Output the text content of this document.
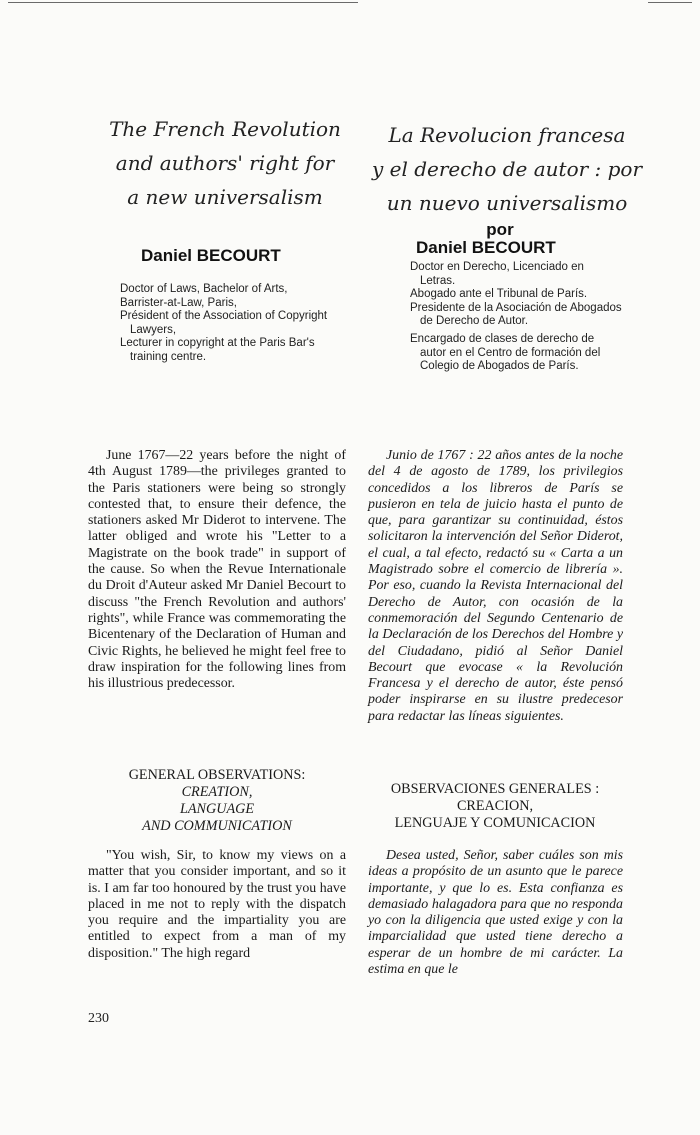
The French Revolution
and authors' right for
a new universalism
Daniel BECOURT
Doctor of Laws, Bachelor of Arts,
Barrister-at-Law, Paris,
Président of the Association of Copyright Lawyers,
Lecturer in copyright at the Paris Bar's training centre.

June 1767—22 years before the night of 4th August 1789—the privileges granted to the Paris stationers were being so strongly contested that, to ensure their defence, the stationers asked Mr Diderot to intervene. The latter obliged and wrote his "Letter to a Magistrate on the book trade" in support of the cause. So when the Revue Internationale du Droit d'Auteur asked Mr Daniel Becourt to discuss "the French Revolution and authors' rights", while France was commemorating the Bicentenary of the Declaration of Human and Civic Rights, he believed he might feel free to draw inspiration for the following lines from his illustrious predecessor.

GENERAL OBSERVATIONS:
CREATION,
LANGUAGE
AND COMMUNICATION

"You wish, Sir, to know my views on a matter that you consider important, and so it is. I am far too honoured by the trust you have placed in me not to reply with the dispatch you require and the impartiality you are entitled to expect from a man of my disposition." The high regard

230
La Revolucion francesa
y el derecho de autor : por
un nuevo universalismo
por
Daniel BECOURT
Doctor en Derecho, Licenciado en Letras.
Abogado ante el Tribunal de París.
Presidente de la Asociación de Abogados de Derecho de Autor.
Encargado de clases de derecho de autor en el Centro de formación del Colegio de Abogados de París.

Junio de 1767 : 22 años antes de la noche del 4 de agosto de 1789, los privilegios concedidos a los libreros de París se pusieron en tela de juicio hasta el punto de que, para garantizar su continuidad, éstos solicitaron la intervención del Señor Diderot, el cual, a tal efecto, redactó su « Carta a un Magistrado sobre el comercio de librería ». Por eso, cuando la Revista Internacional del Derecho de Autor, con ocasión de la conmemoración del Segundo Centenario de la Declaración de los Derechos del Hombre y del Ciudadano, pidió al Señor Daniel Becourt que evocase « la Revolución Francesa y el derecho de autor, éste pensó poder inspirarse en su ilustre predecesor para redactar las líneas siguientes.

OBSERVACIONES GENERALES :
CREACION,
LENGUAJE Y COMUNICACION

Desea usted, Señor, saber cuáles son mis ideas a propósito de un asunto que le parece importante, y que lo es. Esta confianza es demasiado halagadora para que no responda yo con la diligencia que usted exige y con la imparcialidad que usted tiene derecho a esperar de un hombre de mi carácter. La estima en que le
